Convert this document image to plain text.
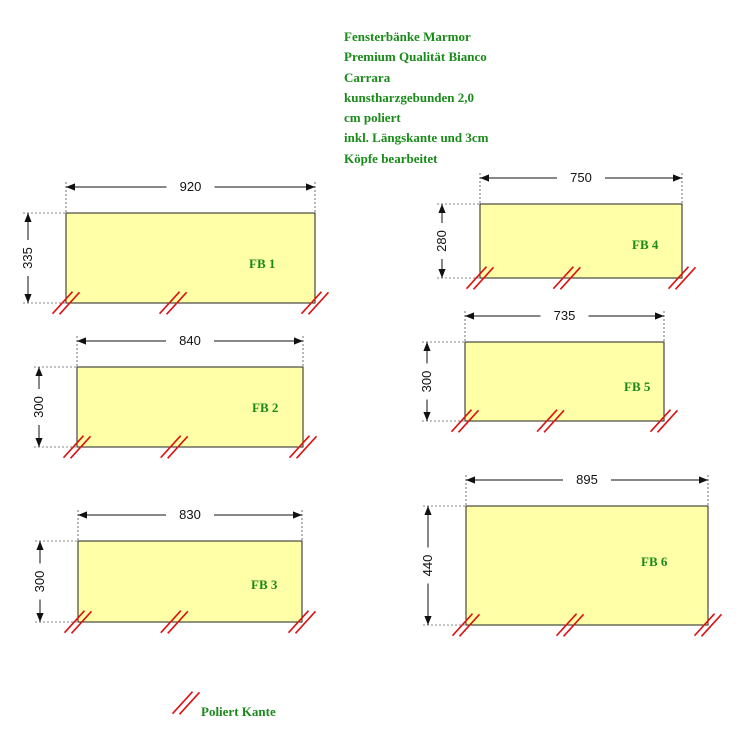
Fensterbänke Marmor
Premium Qualität Bianco
Carrara
kunstharzgebunden 2,0
cm poliert
inkl. Längskante und 3cm
Köpfe bearbeitet
FB 1
920
335
FB 2
840
300
FB 3
830
300
FB 4
750
280
FB 5
735
300
FB 6
895
440
Poliert Kante
